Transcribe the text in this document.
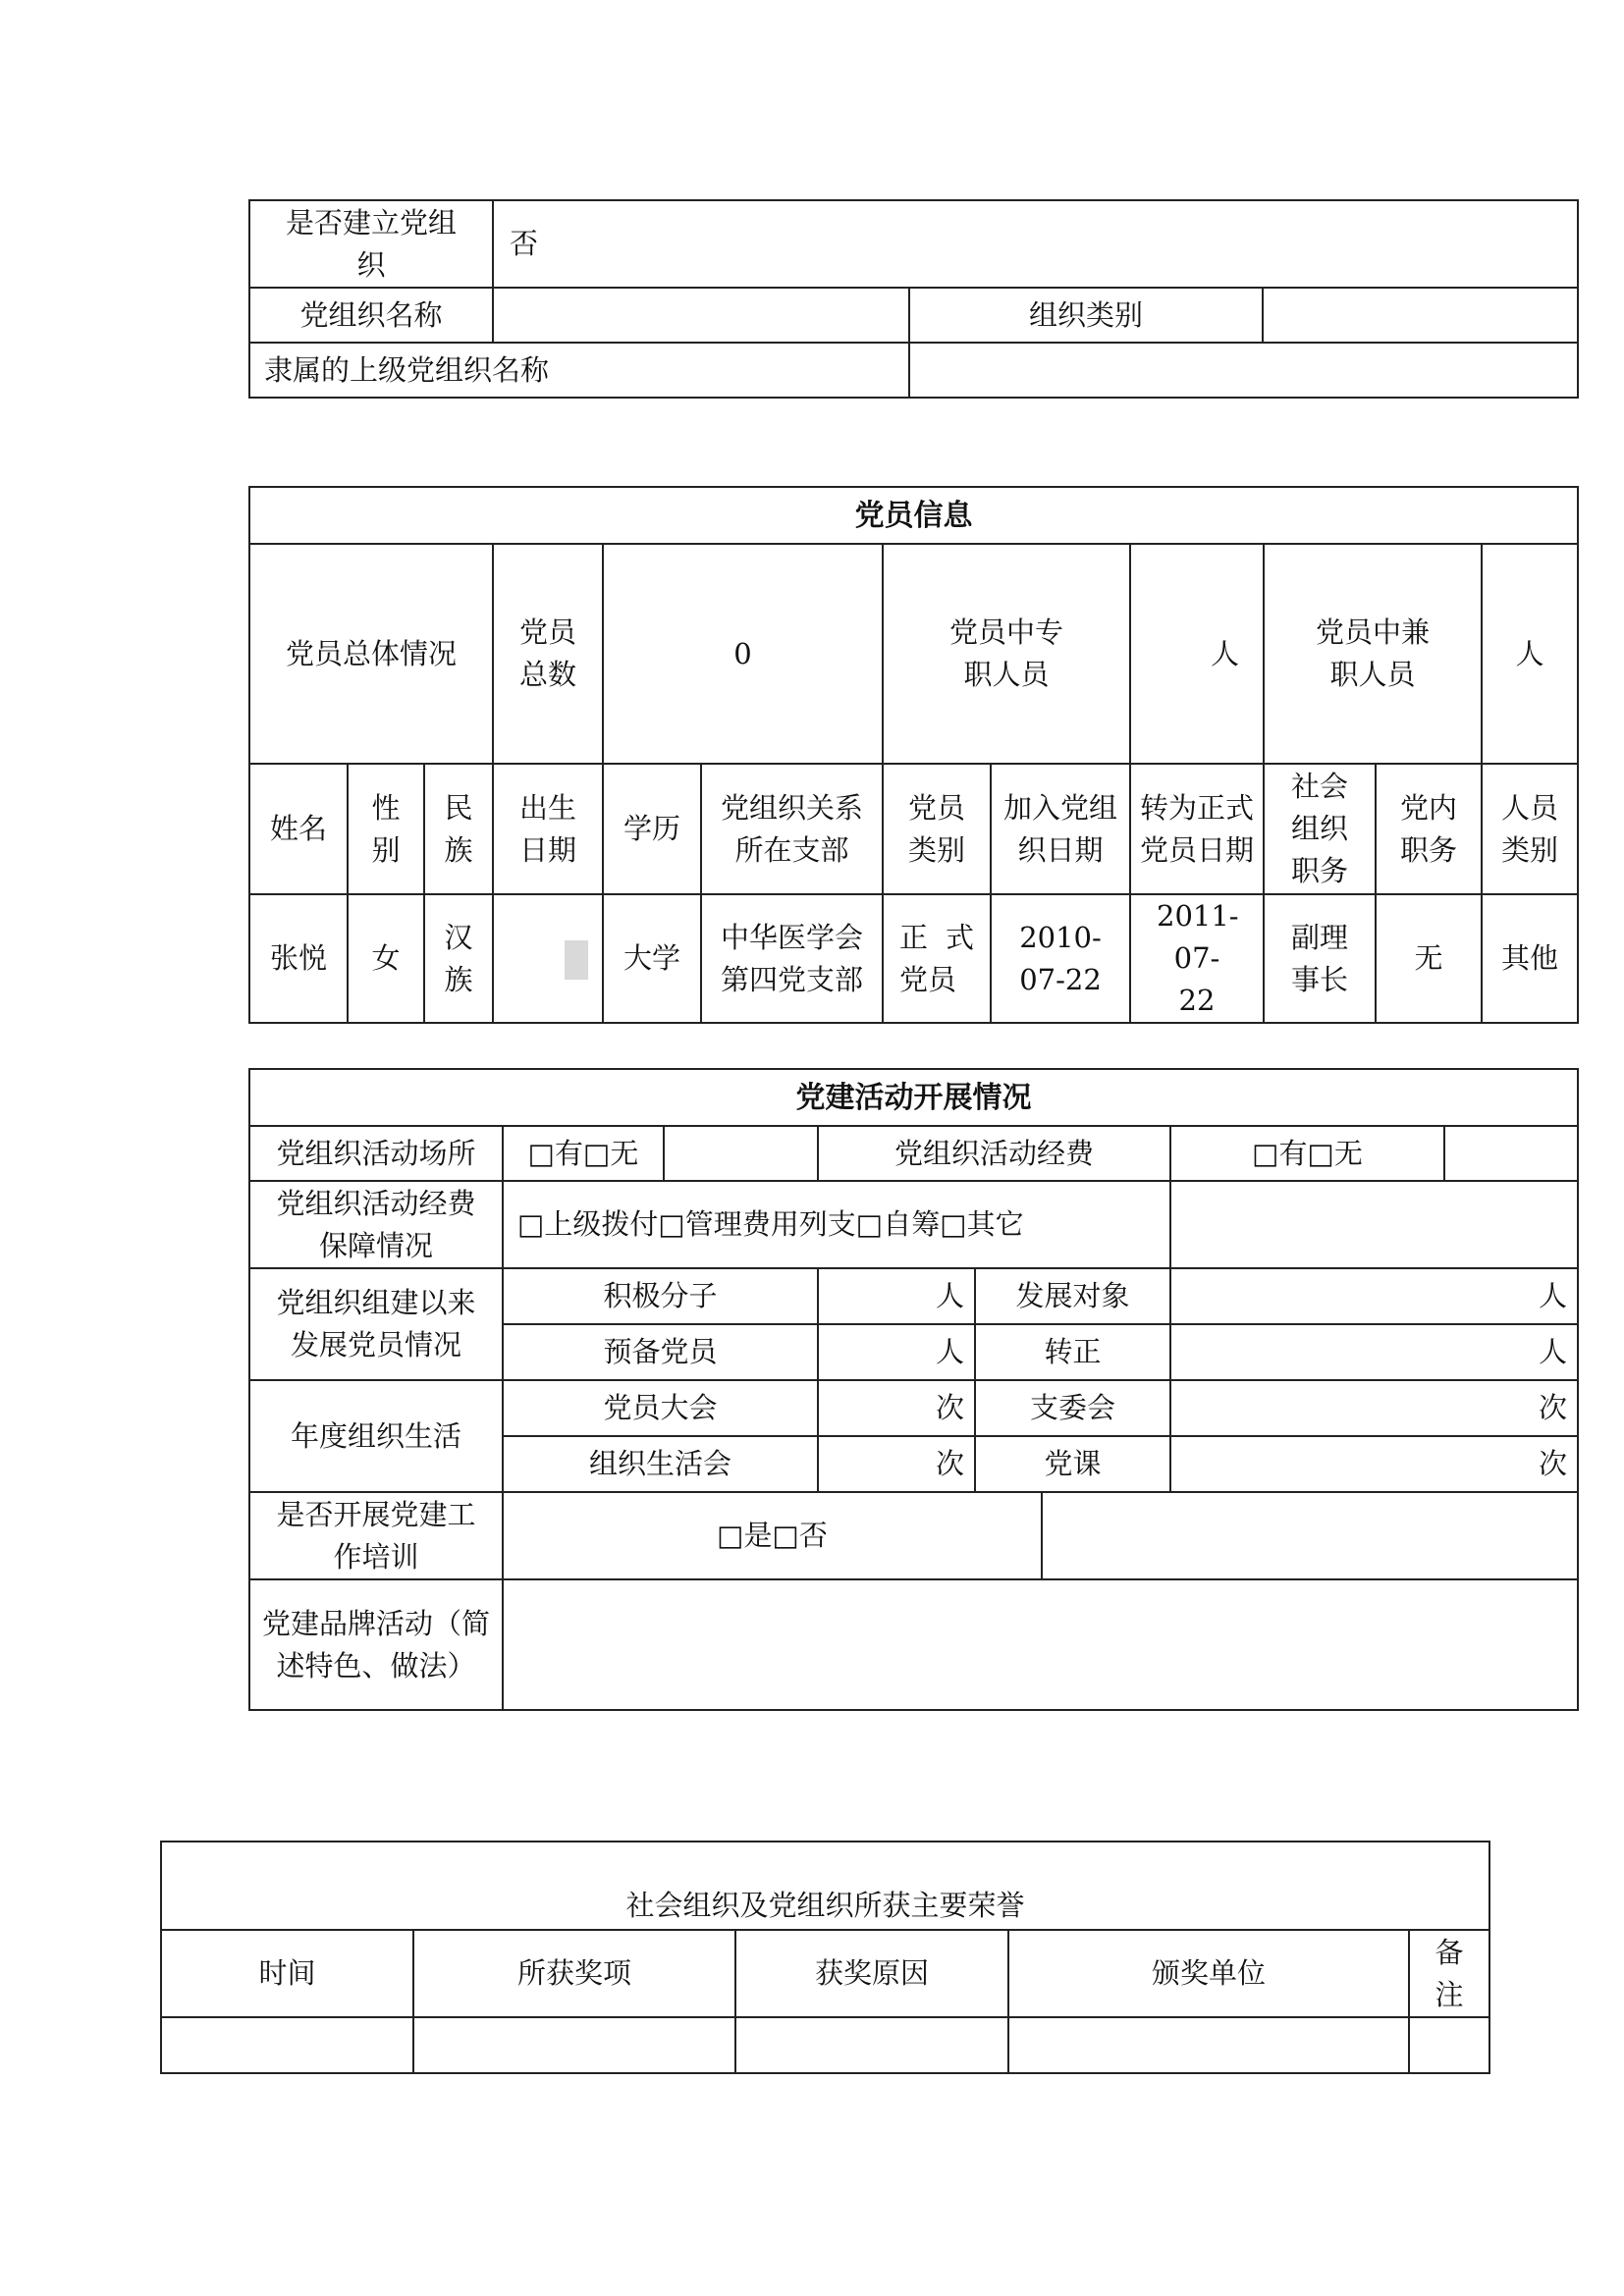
是否建立党组织	否		
党组织名称		组织类别	
隶属的上级党组织名称			
党员信息											
党员总体情况			党员总数	0		党员中专职人员		人	党员中兼职人员		人
姓名	性别	民族	出生日期	学历	党组织关系所在支部	党员类别	加入党组织日期	转为正式党员日期	社会组织职务	党内职务	人员类别
张悦	女	汉族		大学	中华医学会第四党支部	正 式党员	2010-07-22	2011-07-22	副理事长	无	其他
党建活动开展情况							
党组织活动场所	□有□无		党组织活动经费			□有□无	
党组织活动经费保障情况	□上级拨付□管理费用列支□自筹□其它						
党组织组建以来发展党员情况	积极分子		人	发展对象		人	
	预备党员		人	转正		人	
年度组织生活	党员大会		次	支委会		次	
	组织生活会		次	党课		次	
是否开展党建工作培训	□是□否						
党建品牌活动（简述特色、做法）							
社会组织及党组织所获主要荣誉				
时间	所获奖项	获奖原因	颁奖单位	备注
